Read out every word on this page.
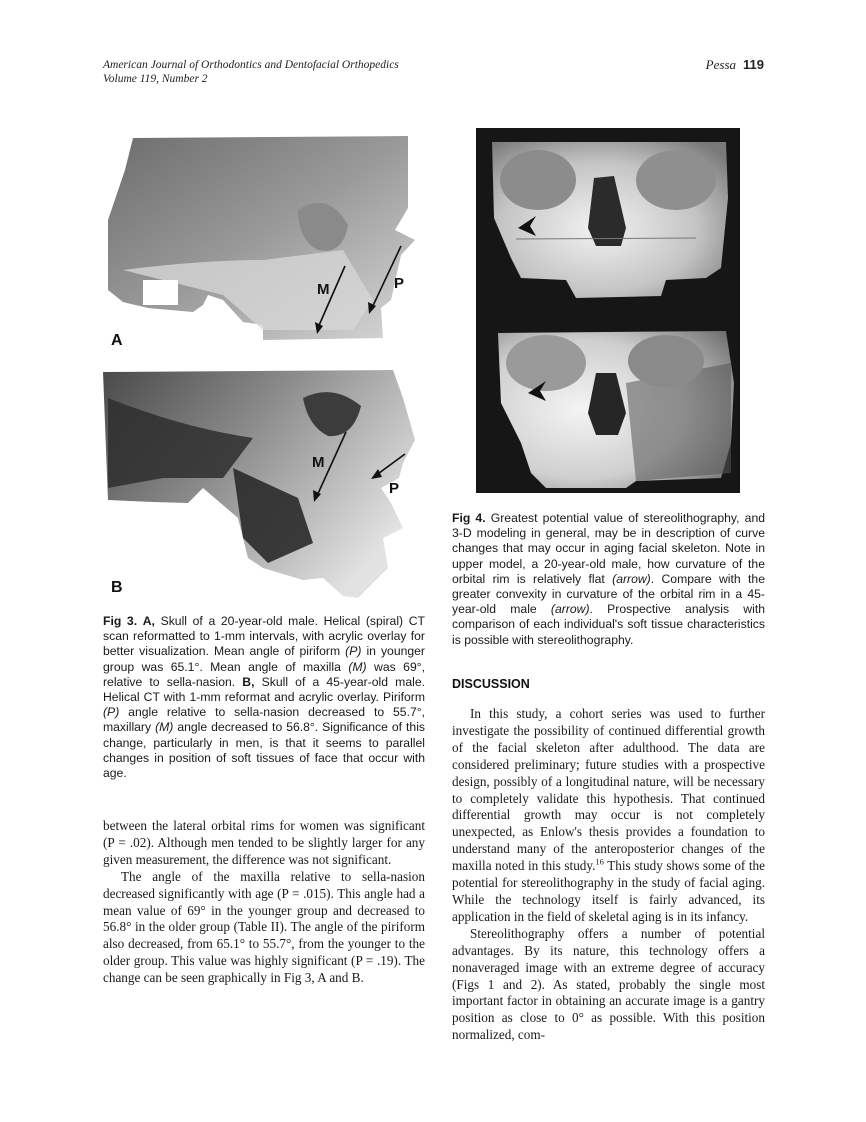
American Journal of Orthodontics and Dentofacial Orthopedics
Volume 119, Number 2
Pessa 119
M	P
M
P
A
B
Fig 3. A, Skull of a 20-year-old male. Helical (spiral) CT scan reformatted to 1-mm intervals, with acrylic overlay for better visualization. Mean angle of piriform (P) in younger group was 65.1°. Mean angle of maxilla (M) was 69°, relative to sella-nasion. B, Skull of a 45-year-old male. Helical CT with 1-mm reformat and acrylic overlay. Piriform (P) angle relative to sella-nasion decreased to 55.7°, maxillary (M) angle decreased to 56.8°. Significance of this change, particularly in men, is that it seems to parallel changes in position of soft tissues of face that occur with age.
Fig 4. Greatest potential value of stereolithography, and 3-D modeling in general, may be in description of curve changes that may occur in aging facial skeleton. Note in upper model, a 20-year-old male, how curvature of the orbital rim is relatively flat (arrow). Compare with the greater convexity in curvature of the orbital rim in a 45-year-old male (arrow). Prospective analysis with comparison of each individual's soft tissue characteristics is possible with stereolithography.
DISCUSSION

between the lateral orbital rims for women was significant (P = .02). Although men tended to be slightly larger for any given measurement, the difference was not significant.

The angle of the maxilla relative to sella-nasion decreased significantly with age (P = .015). This angle had a mean value of 69° in the younger group and decreased to 56.8° in the older group (Table II). The angle of the piriform also decreased, from 65.1° to 55.7°, from the younger to the older group. This value was highly significant (P = .19). The change can be seen graphically in Fig 3, A and B.

In this study, a cohort series was used to further investigate the possibility of continued differential growth of the facial skeleton after adulthood. The data are considered preliminary; future studies with a prospective design, possibly of a longitudinal nature, will be necessary to completely validate this hypothesis. That continued differential growth may occur is not completely unexpected, as Enlow's thesis provides a foundation to understand many of the anteroposterior changes of the maxilla noted in this study.$^{16}$ This study shows some of the potential for stereolithography in the study of facial aging. While the technology itself is fairly advanced, its application in the field of skeletal aging is in its infancy.

Stereolithography offers a number of potential advantages. By its nature, this technology offers a nonaveraged image with an extreme degree of accuracy (Figs 1 and 2). As stated, probably the single most important factor in obtaining an accurate image is a gantry position as close to 0° as possible. With this position normalized, com-
